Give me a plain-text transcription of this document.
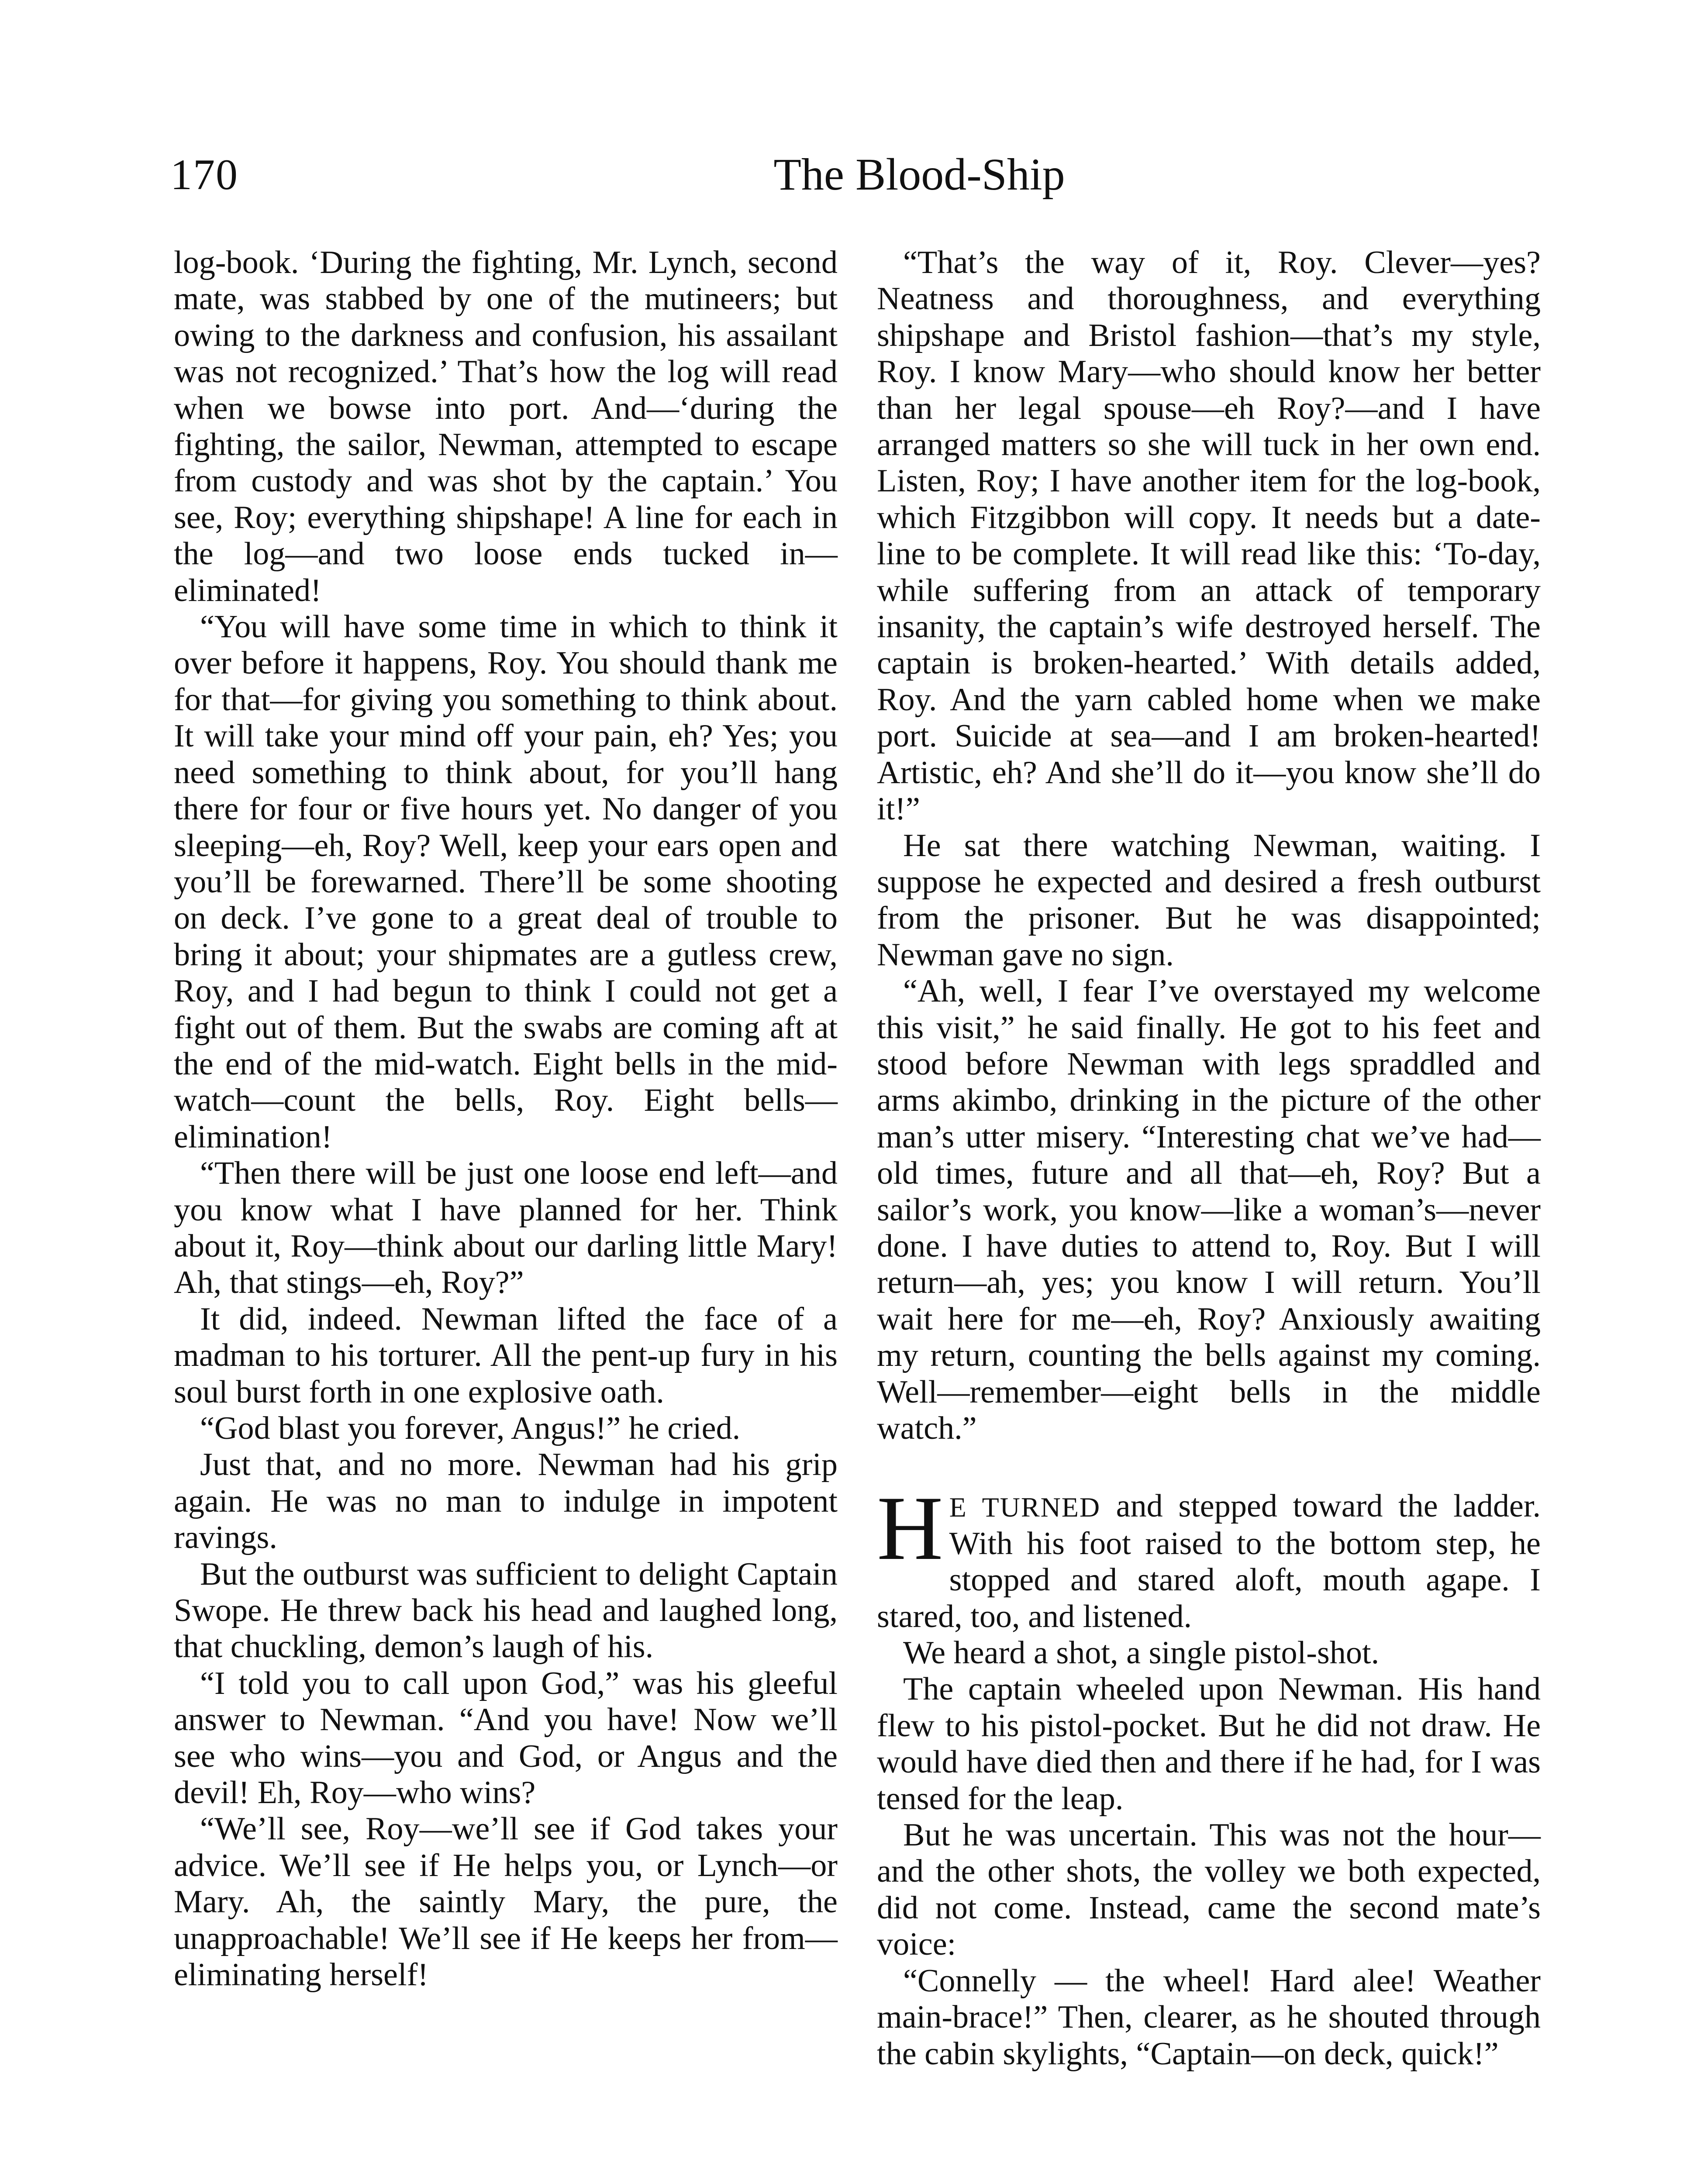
170	The Blood-Ship

log-book. ‘During the fighting, Mr. Lynch, second mate, was stabbed by one of the mutineers; but owing to the darkness and confusion, his assailant was not recognized.’ That’s how the log will read when we bowse into port. And—‘during the fighting, the sailor, Newman, attempted to escape from custody and was shot by the captain.’ You see, Roy; everything shipshape! A line for each in the log—and two loose ends tucked in—eliminated!

“You will have some time in which to think it over before it happens, Roy. You should thank me for that—for giving you something to think about. It will take your mind off your pain, eh? Yes; you need something to think about, for you’ll hang there for four or five hours yet. No danger of you sleeping—eh, Roy? Well, keep your ears open and you’ll be forewarned. There’ll be some shooting on deck. I’ve gone to a great deal of trouble to bring it about; your shipmates are a gutless crew, Roy, and I had begun to think I could not get a fight out of them. But the swabs are coming aft at the end of the mid-watch. Eight bells in the mid-watch—count the bells, Roy. Eight bells—elimination!

“Then there will be just one loose end left—and you know what I have planned for her. Think about it, Roy—think about our darling little Mary! Ah, that stings—eh, Roy?”

It did, indeed. Newman lifted the face of a madman to his torturer. All the pent-up fury in his soul burst forth in one explosive oath.

“God blast you forever, Angus!” he cried.

Just that, and no more. Newman had his grip again. He was no man to indulge in impotent ravings.

But the outburst was sufficient to delight Captain Swope. He threw back his head and laughed long, that chuckling, demon’s laugh of his.

“I told you to call upon God,” was his gleeful answer to Newman. “And you have! Now we’ll see who wins—you and God, or Angus and the devil! Eh, Roy—who wins?

“We’ll see, Roy—we’ll see if God takes your advice. We’ll see if He helps you, or Lynch—or Mary. Ah, the saintly Mary, the pure, the unapproachable! We’ll see if He keeps her from—eliminating herself!

“That’s the way of it, Roy. Clever—yes? Neatness and thoroughness, and everything shipshape and Bristol fashion—that’s my style, Roy. I know Mary—who should know her better than her legal spouse—eh Roy?—and I have arranged matters so she will tuck in her own end. Listen, Roy; I have another item for the log-book, which Fitzgibbon will copy. It needs but a date-line to be complete. It will read like this: ‘To-day, while suffering from an attack of temporary insanity, the captain’s wife destroyed herself. The captain is broken-hearted.’ With details added, Roy. And the yarn cabled home when we make port. Suicide at sea—and I am broken-hearted! Artistic, eh? And she’ll do it—you know she’ll do it!”

He sat there watching Newman, waiting. I suppose he expected and desired a fresh outburst from the prisoner. But he was disappointed; Newman gave no sign.

“Ah, well, I fear I’ve overstayed my welcome this visit,” he said finally. He got to his feet and stood before Newman with legs spraddled and arms akimbo, drinking in the picture of the other man’s utter misery. “Interesting chat we’ve had—old times, future and all that—eh, Roy? But a sailor’s work, you know—like a woman’s—never done. I have duties to attend to, Roy. But I will return—ah, yes; you know I will return. You’ll wait here for me—eh, Roy? Anxiously awaiting my return, counting the bells against my coming. Well—remember—eight bells in the middle watch.”

H E TURNED and stepped toward the ladder. With his foot raised to the bottom step, he stopped and stared aloft, mouth agape. I stared, too, and listened.

We heard a shot, a single pistol-shot.

The captain wheeled upon Newman. His hand flew to his pistol-pocket. But he did not draw. He would have died then and there if he had, for I was tensed for the leap.

But he was uncertain. This was not the hour—and the other shots, the volley we both expected, did not come. Instead, came the second mate’s voice:

“Connelly — the wheel! Hard alee! Weather main-brace!” Then, clearer, as he shouted through the cabin skylights, “Captain—on deck, quick!”
